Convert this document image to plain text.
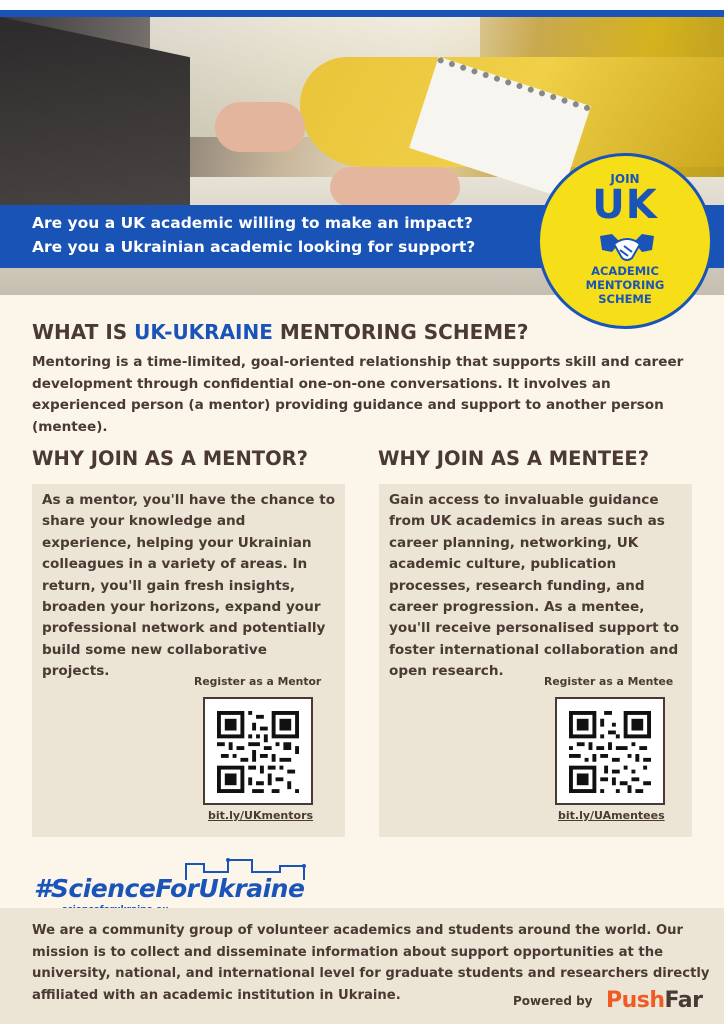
Are you a UK academic willing to make an impact?
Are you a Ukrainian academic looking for support?
JOIN
UK
ACADEMIC
MENTORING
SCHEME
WHAT IS UK-UKRAINE MENTORING SCHEME?

Mentoring is a time-limited, goal-oriented relationship that supports skill and career development through confidential one-on-one conversations. It involves an experienced person (a mentor) providing guidance and support to another person (mentee).

WHY JOIN AS A MENTOR?	WHY JOIN AS A MENTEE?

As a mentor, you'll have the chance to share your knowledge and experience, helping your Ukrainian colleagues in a variety of areas. In return, you'll gain fresh insights, broaden your horizons, expand your professional network and potentially build some new collaborative projects.

Register as a Mentor
bit.ly/UKmentors

Gain access to invaluable guidance from UK academics in areas such as career planning, networking, UK academic culture, publication processes, research funding, and career progression. As a mentee, you'll receive personalised support to foster international collaboration and open research.

Register as a Mentee
bit.ly/UAmentees
#ScienceForUkraine

We are a community group of volunteer academics and students around the world. Our mission is to collect and disseminate information about support opportunities at the university, national, and international level for graduate students and researchers directly affiliated with an academic institution in Ukraine.	Powered by PushFar
